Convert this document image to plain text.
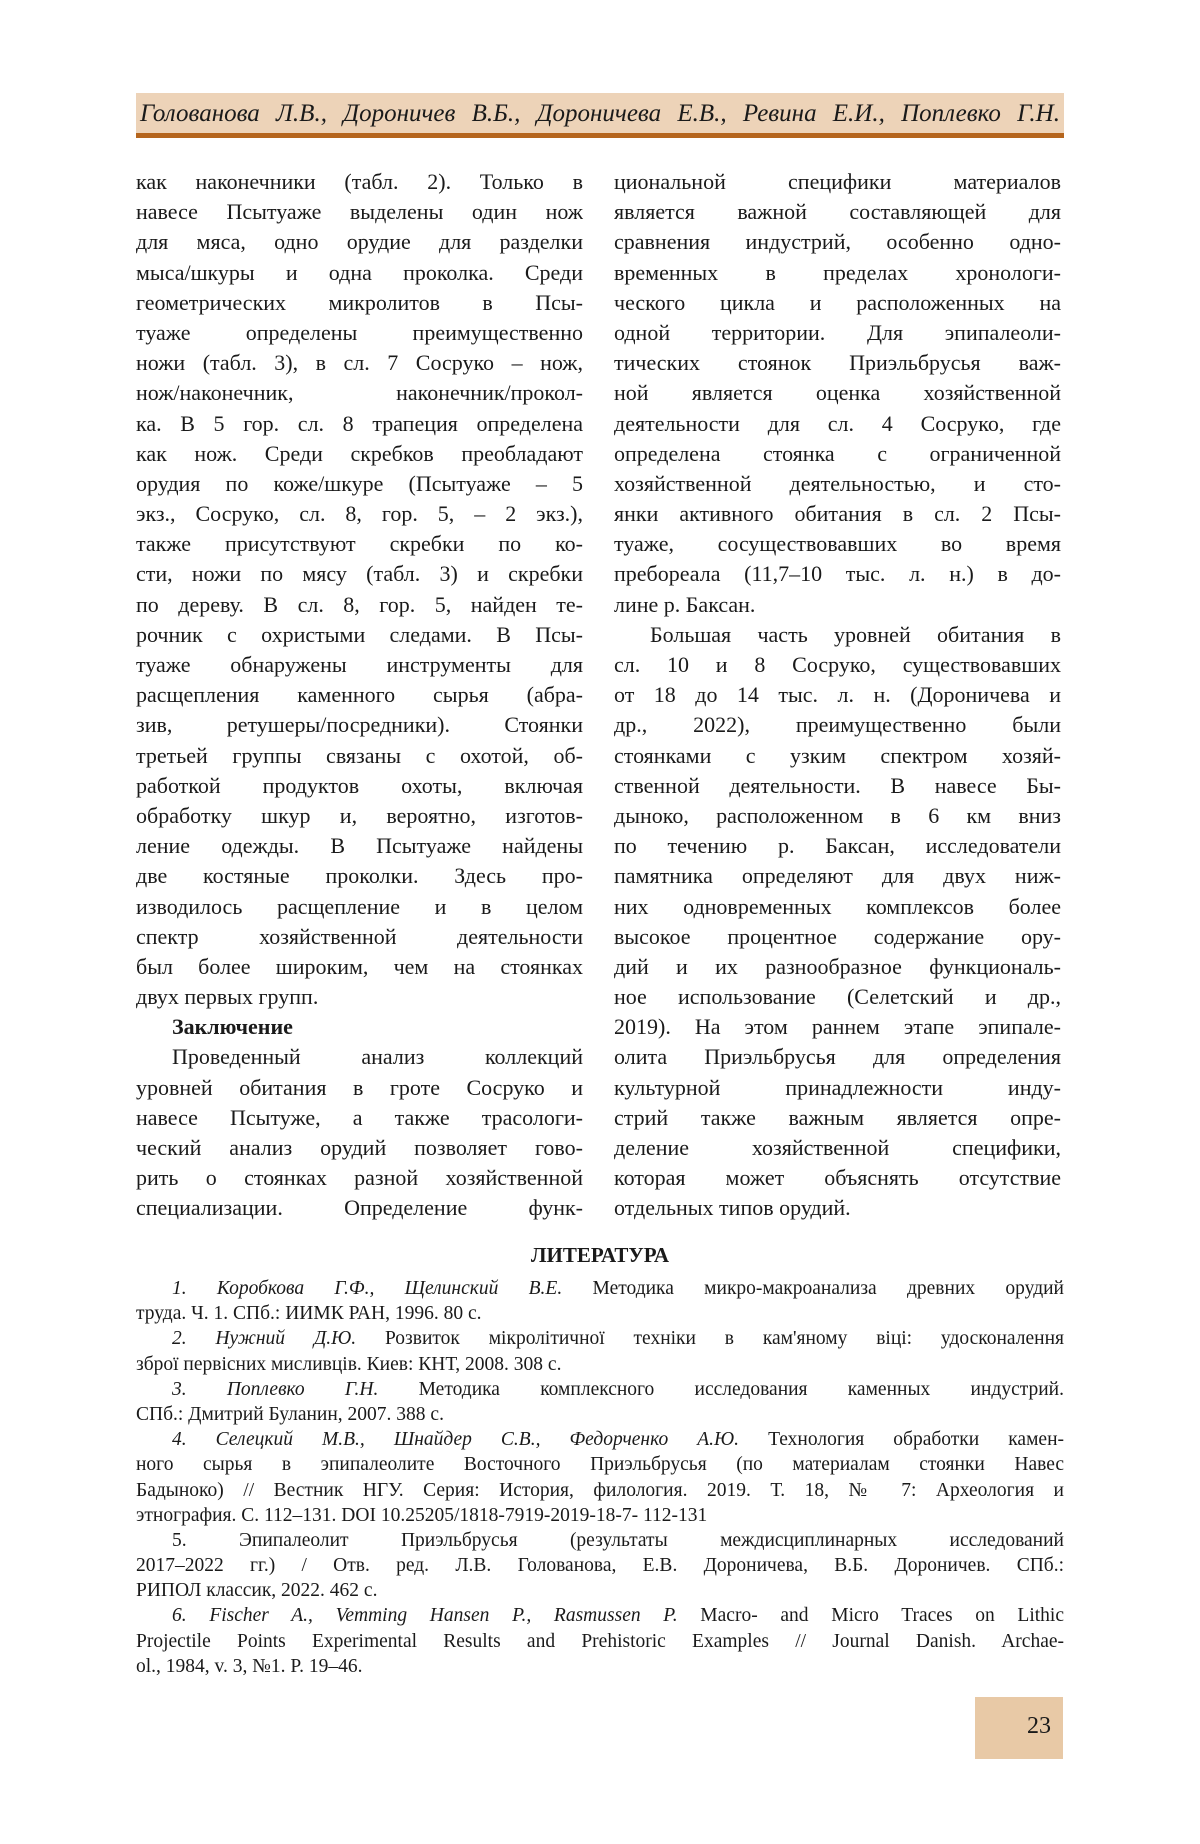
Голованова Л.В., Дороничев В.Б., Дороничева Е.В., Ревина Е.И., Поплевко Г.Н.
как наконечники (табл. 2). Только в
навесе Псытуаже выделены один нож
для мяса, одно орудие для разделки
мыса/шкуры и одна проколка. Среди
геометрических микролитов в Псы-
туаже определены преимущественно
ножи (табл. 3), в сл. 7 Сосруко – нож,
нож/наконечник, наконечник/прокол-
ка. В 5 гор. сл. 8 трапеция определена
как нож. Среди скребков преобладают
орудия по коже/шкуре (Псытуаже – 5
экз., Сосруко, сл. 8, гор. 5, – 2 экз.),
также присутствуют скребки по ко-
сти, ножи по мясу (табл. 3) и скребки
по дереву. В сл. 8, гор. 5, найден те-
рочник с охристыми следами. В Псы-
туаже обнаружены инструменты для
расщепления каменного сырья (абра-
зив, ретушеры/посредники). Стоянки
третьей группы связаны с охотой, об-
работкой продуктов охоты, включая
обработку шкур и, вероятно, изготов-
ление одежды. В Псытуаже найдены
две костяные проколки. Здесь про-
изводилось расщепление и в целом
спектр хозяйственной деятельности
был более широким, чем на стоянках
двух первых групп.
Заключение
Проведенный анализ коллекций
уровней обитания в гроте Сосруко и
навесе Псытуже, а также трасологи-
ческий анализ орудий позволяет гово-
рить о стоянках разной хозяйственной
специализации. Определение функ-
циональной специфики материалов
является важной составляющей для
сравнения индустрий, особенно одно-
временных в пределах хронологи-
ческого цикла и расположенных на
одной территории. Для эпипалеоли-
тических стоянок Приэльбрусья важ-
ной является оценка хозяйственной
деятельности для сл. 4 Сосруко, где
определена стоянка с ограниченной
хозяйственной деятельностью, и сто-
янки активного обитания в сл. 2 Псы-
туаже, сосуществовавших во время
пребореала (11,7–10 тыс. л. н.) в до-
лине р. Баксан.
Большая часть уровней обитания в
сл. 10 и 8 Сосруко, существовавших
от 18 до 14 тыс. л. н. (Дороничева и
др., 2022), преимущественно были
стоянками с узким спектром хозяй-
ственной деятельности. В навесе Бы-
дыноко, расположенном в 6 км вниз
по течению р. Баксан, исследователи
памятника определяют для двух ниж-
них одновременных комплексов более
высокое процентное содержание ору-
дий и их разнообразное функциональ-
ное использование (Селетский и др.,
2019). На этом раннем этапе эпипале-
олита Приэльбрусья для определения
культурной принадлежности инду-
стрий также важным является опре-
деление хозяйственной специфики,
которая может объяснять отсутствие
отдельных типов орудий.
ЛИТЕРАТУРА
1. Коробкова Г.Ф., Щелинский В.Е. Методика микро-макроанализа древних орудий
труда. Ч. 1. СПб.: ИИМК РАН, 1996. 80 с.
2. Нужний Д.Ю. Розвиток мікролітичної техніки в кам'яному віці: удосконалення
зброї первісних мисливців. Киев: КНТ, 2008. 308 с.
3. Поплевко Г.Н. Методика комплексного исследования каменных индустрий.
СПб.: Дмитрий Буланин, 2007. 388 с.
4. Селецкий М.В., Шнайдер С.В., Федорченко А.Ю. Технология обработки камен-
ного сырья в эпипалеолите Восточного Приэльбрусья (по материалам стоянки Навес
Бадыноко) // Вестник НГУ. Серия: История, филология. 2019. Т. 18, № 7: Археология и
этнография. С. 112–131. DOI 10.25205/1818-7919-2019-18-7- 112-131
5. Эпипалеолит Приэльбрусья (результаты междисциплинарных исследований
2017–2022 гг.) / Отв. ред. Л.В. Голованова, Е.В. Дороничева, В.Б. Дороничев. СПб.:
РИПОЛ классик, 2022. 462 с.
6. Fischer A., Vemming Hansen P., Rasmussen P. Macro- and Micro Traces on Lithic
Projectile Points Experimental Results and Prehistoric Examples // Journal Danish. Archae-
ol., 1984, v. 3, №1. P. 19–46.
23
